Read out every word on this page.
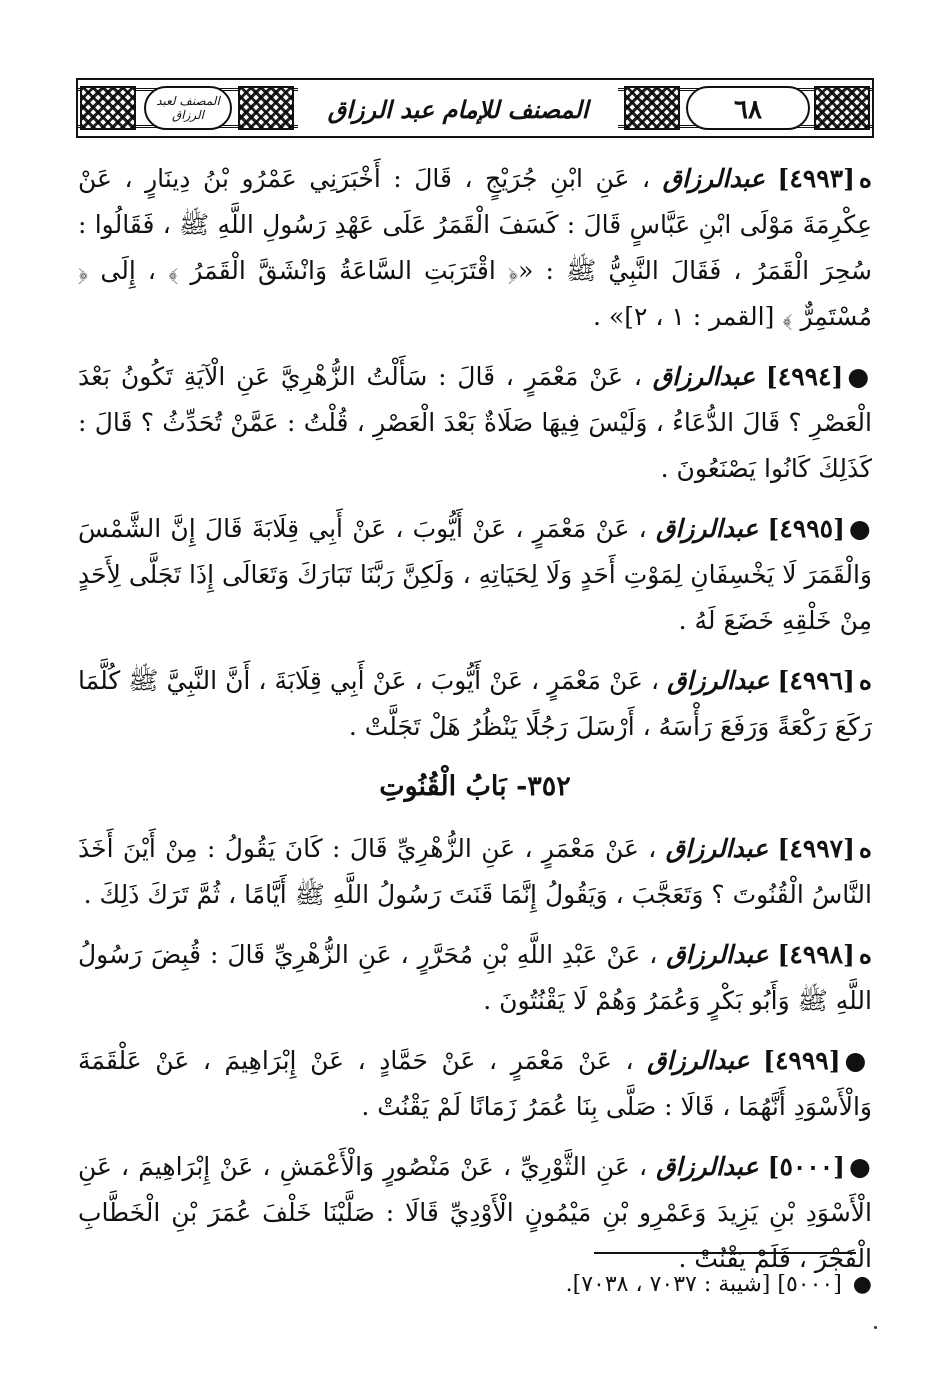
المصنف لعبد الرزاق	المصنف للإمام عبد الرزاق	٦٨

ه[٤٩٩٣] عبدالرزاق ، عَنِ ابْنِ جُرَيْجٍ ، قَالَ : أَخْبَرَنِي عَمْرُو بْنُ دِينَارٍ ، عَنْ عِكْرِمَةَ مَوْلَى ابْنِ عَبَّاسٍ قَالَ : كَسَفَ الْقَمَرُ عَلَى عَهْدِ رَسُولِ اللَّهِ ﷺ ، فَقَالُوا : سُحِرَ الْقَمَرُ ، فَقَالَ النَّبِيُّ ﷺ : «﴿ اقْتَرَبَتِ السَّاعَةُ وَانْشَقَّ الْقَمَرُ ﴾ ، إِلَى ﴿ مُسْتَمِرٌّ ﴾ [القمر : ١ ، ٢]» .

●[٤٩٩٤] عبدالرزاق ، عَنْ مَعْمَرٍ ، قَالَ : سَأَلْتُ الزُّهْرِيَّ عَنِ الْآيَةِ تَكُونُ بَعْدَ الْعَصْرِ ؟ قَالَ الدُّعَاءُ ، وَلَيْسَ فِيهَا صَلَاةٌ بَعْدَ الْعَصْرِ ، قُلْتُ : عَمَّنْ تُحَدِّثُ ؟ قَالَ : كَذَلِكَ كَانُوا يَصْنَعُونَ .

●[٤٩٩٥] عبدالرزاق ، عَنْ مَعْمَرٍ ، عَنْ أَيُّوبَ ، عَنْ أَبِي قِلَابَةَ قَالَ إِنَّ الشَّمْسَ وَالْقَمَرَ لَا يَخْسِفَانِ لِمَوْتِ أَحَدٍ وَلَا لِحَيَاتِهِ ، وَلَكِنَّ رَبَّنَا تَبَارَكَ وَتَعَالَى إِذَا تَجَلَّى لِأَحَدٍ مِنْ خَلْقِهِ خَضَعَ لَهُ .

ه[٤٩٩٦] عبدالرزاق ، عَنْ مَعْمَرٍ ، عَنْ أَيُّوبَ ، عَنْ أَبِي قِلَابَةَ ، أَنَّ النَّبِيَّ ﷺ كُلَّمَا رَكَعَ رَكْعَةً وَرَفَعَ رَأْسَهُ ، أَرْسَلَ رَجُلًا يَنْظُرُ هَلْ تَجَلَّتْ .

٣٥٢- بَابُ الْقُنُوتِ

ه[٤٩٩٧] عبدالرزاق ، عَنْ مَعْمَرٍ ، عَنِ الزُّهْرِيِّ قَالَ : كَانَ يَقُولُ : مِنْ أَيْنَ أَخَذَ النَّاسُ الْقُنُوتَ ؟ وَتَعَجَّبَ ، وَيَقُولُ إِنَّمَا قَنَتَ رَسُولُ اللَّهِ ﷺ أَيَّامًا ، ثُمَّ تَرَكَ ذَلِكَ .

ه[٤٩٩٨] عبدالرزاق ، عَنْ عَبْدِ اللَّهِ بْنِ مُحَرَّرٍ ، عَنِ الزُّهْرِيِّ قَالَ : قُبِضَ رَسُولُ اللَّهِ ﷺ وَأَبُو بَكْرٍ وَعُمَرُ وَهُمْ لَا يَقْنُتُونَ .

●[٤٩٩٩] عبدالرزاق ، عَنْ مَعْمَرٍ ، عَنْ حَمَّادٍ ، عَنْ إِبْرَاهِيمَ ، عَنْ عَلْقَمَةَ وَالْأَسْوَدِ أَنَّهُمَا ، قَالَا : صَلَّى بِنَا عُمَرُ زَمَانًا لَمْ يَقْنُتْ .

●[٥٠٠٠] عبدالرزاق ، عَنِ الثَّوْرِيِّ ، عَنْ مَنْصُورٍ وَالْأَعْمَشِ ، عَنْ إِبْرَاهِيمَ ، عَنِ الْأَسْوَدِ بْنِ يَزِيدَ وَعَمْرِو بْنِ مَيْمُونٍ الْأَوْدِيِّ قَالَا : صَلَّيْنَا خَلْفَ عُمَرَ بْنِ الْخَطَّابِ الْفَجْرَ ، فَلَمْ يَقْنُتْ .

● [٥٠٠٠] [شيبة : ٧٠٣٧ ، ٧٠٣٨].
